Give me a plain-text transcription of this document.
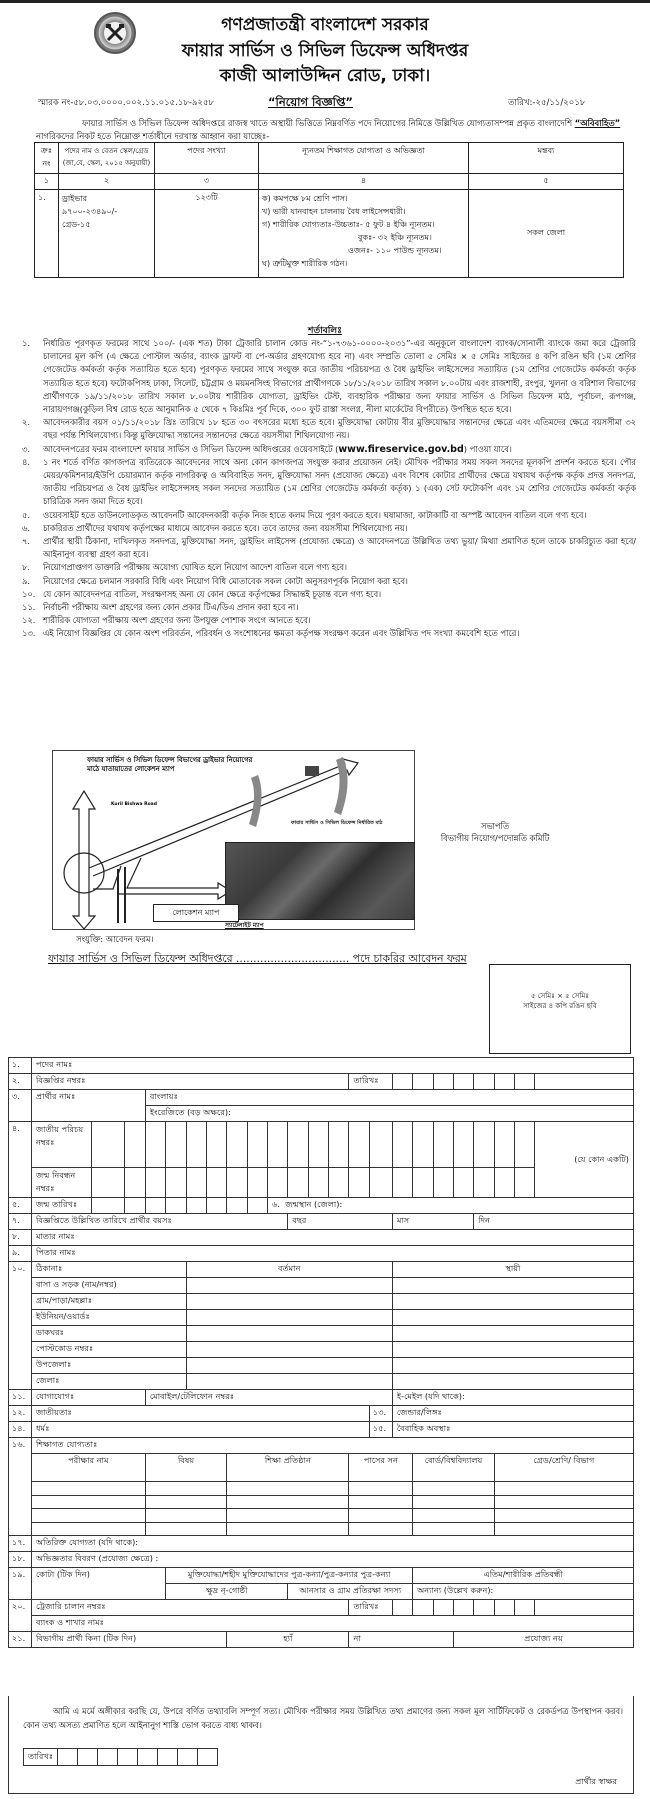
গণপ্রজাতন্ত্রী বাংলাদেশ সরকার
ফায়ার সার্ভিস ও সিভিল ডিফেন্স অধিদপ্তর
কাজী আলাউদ্দিন রোড, ঢাকা।
স্মারক নং-৫৮.০৩.০০০০.০০২.১১.০১৫.১৮-৯২৫৮	“নিয়োগ বিজ্ঞপ্তি”	তারিখ:-২৫/১১/২০১৮
ফায়ার সার্ভিস ও সিভিল ডিফেন্স অধিদপ্তরে রাজস্ব খাতে অস্থায়ী ভিত্তিতে নিম্নবর্ণিত পদে নিয়োগের নিমিত্তে উল্লিখিত যোগ্যতাসম্পন্ন প্রকৃত বাংলাদেশি “অবিবাহিত” নাগরিকদের নিকট হতে নিম্নোক্ত শর্তাধীনে দরখাস্ত আহ্বান করা যাচ্ছেঃ-
ক্রঃ নং	পদের নাম ও বেতন স্কেল/গ্রেড (জা,বে, স্কেল, ২০১৫ অনুযায়ী)	পদের সংখ্যা	ন্যূনতম শিক্ষাগত যোগ্যতা ও অভিজ্ঞতা	মন্তব্য
১	২	৩	৪	৫
১.	ড্রাইভার
৯৭০০-২৩৪৯০/-
গ্রেড-১৫
	১২৩টি	ক) কমপক্ষে ৮ম শ্রেণি পাস।
খ) ভারী যানবাহন চালনায় বৈধ লাইসেন্সধারী।
গ) শারীরিক যোগ্যতাঃ-উচ্চতাঃ- ৫ ফুট ৪ ইঞ্চি ন্যূনতম।
বুকঃ- ৩২ ইঞ্চি ন্যূনতম।
ওজনঃ- ১১০ পাউন্ড ন্যূনতম।
ঘ) ত্রুটিমুক্ত শারীরিক গঠন।
	সকল জেলা
শর্তাবলিঃ
১.	নির্ধারিত পূরণকৃত ফরমের সাথে ১০০/- (এক শত) টাকা ট্রেজারি চালান কোড নং-“১-৭৩৬১-০০০০-২০৩১”-এর অনুকূলে বাংলাদেশ ব্যাংক/সোনালী ব্যাংকে জমা করে ট্রেজারি চালানের মূল কপি (এ ক্ষেত্রে পোস্টাল অর্ডার, ব্যাংক ড্রাফট বা পে-অর্ডার গ্রহণযোগ্য হবে না) এবং সম্প্রতি তোলা ৫ সেমিঃ × ৫ সেমিঃ সাইজের ৪ কপি রঙিন ছবি (১ম শ্রেণির গেজেটেড কর্মকর্তা কর্তৃক সত্যায়িত হতে হবে) পূরণকৃত ফরমের সাথে সংযুক্ত করে জাতীয় পরিচয়পত্র ও বৈধ ড্রাইভিং লাইসেন্সের সত্যায়িত (১ম শ্রেণির গেজেটেড কর্মকর্তা কর্তৃক সত্যায়িত হতে হবে) ফটোকপিসহ ঢাকা, সিলেট, চট্টগ্রাম ও ময়মনসিংহ বিভাগের প্রার্থীগণকে ১৮/১১/২০১৮ তারিখ সকাল ৮.০০টায় এবং রাজশাহী, রংপুর, খুলনা ও বরিশাল বিভাগের প্রার্থীগণকে ১৯/১১/২০১৮ তারিখ সকাল ৮.০০টায় শারীরিক যোগ্যতা, ড্রাইভিং টেস্ট, ব্যবহারিক পরীক্ষার জন্য ফায়ার সার্ভিস ও সিভিল ডিফেন্স মাঠ, পূর্বাচল, রূপগঞ্জ, নারায়ণগঞ্জ(কুড়িল বিশ্ব রোড হতে আনুমানিক ৫ থেকে ৭ কিঃমিঃ পূর্ব দিকে, ৩০০ ফুট রাস্তা সংলগ্ন, নীলা মার্কেটের বিপরীতে) উপস্থিত হতে হবে।
২.	আবেদনকারীর বয়স ০১/১১/২০১৮ খ্রিঃ তারিখে ১৮ হতে ৩০ বৎসরের মধ্যে হতে হবে। মুক্তিযোদ্ধা কোটায় বীর মুক্তিযোদ্ধার সন্তানদের ক্ষেত্রে এবং এতিমদের ক্ষেত্রে বয়সসীমা ৩২ বছর পর্যন্ত শিথিলযোগ্য। কিন্তু মুক্তিযোদ্ধা সন্তানের সন্তানদের ক্ষেত্রে বয়সসীমা শিথিলযোগ্য নয়।
৩.	আবেদনপত্রের ফরম বাংলাদেশ ফায়ার সার্ভিস ও সিভিল ডিফেন্স অধিদপ্তরের ওয়েবসাইটে (www.fireservice.gov.bd) পাওয়া যাবে।
৪.	১ নং শর্তে বর্ণিত কাগজপত্র ব্যতিরেকে আবেদনের সাথে অন্য কোন কাগজপত্র সংযুক্ত করার প্রয়োজন নেই। মৌখিক পরীক্ষার সময় সকল সনদের মূলকপি প্রদর্শন করতে হবে। পৌর মেয়র/কমিশনার/ইউপি চেয়ারম্যান কর্তৃক নাগরিকত্ব ও অবিবাহিত সনদ, মুক্তিযোদ্ধা সনদ (প্রযোজ্য ক্ষেত্রে) এবং বিশেষ কোটার প্রার্থীদের ক্ষেত্রে যথাযথ কর্তৃপক্ষ কর্তৃক প্রদত্ত সনদপত্র, জাতীয় পরিচয়পত্র ও বৈধ ড্রাইভিং লাইসেন্সসহ সকল সনদের সত্যায়িত (১ম শ্রেণির গেজেটেড কর্মকর্তা কর্তৃক) ১ (এক) সেট ফটোকপি এবং ১ম শ্রেণির গেজেটেড কর্মকর্তা কর্তৃক চারিত্রিক সনদ জমা দিতে হবে।
৫.	ওয়েবসাইট হতে ডাউনলোডকৃত আবেদনটি আবেদনকারী কর্তৃক নিজ হাতে কলম দিয়ে পূরণ করতে হবে। ঘষামাজা, কাটাকাটি বা অস্পষ্ট আবেদন বাতিল বলে গণ্য হবে।
৬.	চাকরিরত প্রার্থীদের যথাযথ কর্তৃপক্ষের মাধ্যমে আবেদন করতে হবে। তবে তাদের জন্য বয়সসীমা শিথিলযোগ্য নয়।
৭.	প্রার্থীর স্থায়ী ঠিকানা, দাখিলকৃত সনদপত্র, মুক্তিযোদ্ধা সনদ, ড্রাইভিং লাইসেন্স (প্রযোজ্য ক্ষেত্রে) ও আবেদনপত্রে উল্লিখিত তথ্য ভুয়া/ মিথ্যা প্রমাণিত হলে তাকে চাকরিচ্যুত করা হবে/আইনানুগ ব্যবস্থা গ্রহণ করা হবে।
৮.	নিয়োগপ্রাপ্তগণ ডাক্তারি পরীক্ষায় অযোগ্য ঘোষিত হলে নিয়োগ আদেশ বাতিল বলে গণ্য হবে।
৯.	নিয়োগের ক্ষেত্রে চলমান সরকারি বিধি এবং নিয়োগ বিধি মোতাবেক সকল কোটা অনুসরণপূর্বক নিয়োগ করা হবে।
১০. যে কোন আবেদনপত্র বাতিল, সংরক্ষণসহ অন্য যে কোন ক্ষেত্রে কর্তৃপক্ষের সিদ্ধান্তই চূড়ান্ত বলে গণ্য হবে।
১১. নির্বাচনী পরীক্ষায় অংশ গ্রহণের জন্য কোন প্রকার টিএ/ডিএ প্রদান করা হবে না।
১২. শারীরিক যোগ্যতা পরীক্ষায় অংশ গ্রহণের জন্য উপযুক্ত পোশাক সংগে আনতে হবে।
১৩. এই নিয়োগ বিজ্ঞপ্তির যে কোন অংশ পরিবর্তন, পরিবর্ধন ও সংশোধনের ক্ষমতা কর্তৃপক্ষ সংরক্ষণ করেন এবং উল্লিখিত পদ সংখ্যা কমবেশি হতে পারে।
ফায়ার সার্ভিস ও সিভিল ডিফেন্স বিভাগের ড্রাইভার নিয়োগের
মাঠে যাতায়াতের লোকেশন ম্যাপ
Kuril Bishwa Road
ফায়ার সার্ভিস ও সিভিল ডিফেন্স নির্ধারিত মাঠ
স্যাটেলাইট ম্যাপ
লোকেশন ম্যাপ
সভাপতি
বিভাগীয় নিয়োগ/পদোন্নতি কমিটি
সংযুক্তি: আবেদন ফরম।
ফায়ার সার্ভিস ও সিভিল ডিফেন্স অধিদপ্তরে ................................. পদে চাকরির আবেদন ফরম
৫ সেমিঃ × ৫ সেমিঃ
সাইজের ৪ কপি রঙিন ছবি
১.	পদের নামঃ																						
২.	বিজ্ঞপ্তির নম্বরঃ													তারিখঃ									
৩.	প্রার্থীর নামঃ			বাংলায়ঃ																			
				ইংরেজিতে (বড় অক্ষরে):																			
৪.	জাতীয় পরিচয় নম্বরঃ																						(যে কোন একটি)
	জন্ম নিবন্ধন নম্বরঃ																						
৫.	জন্ম তারিখঃ									৬. জন্মস্থান (জেলা):													
৭.	বিজ্ঞপ্তিতে উল্লিখিত তারিখে প্রার্থীর বয়সঃ										বছর					মাস				দিন			
৮.	মাতার নামঃ																						
৯.	পিতার নামঃ																						
১০.	ঠিকানাঃ					বর্তমান										স্থায়ী							
	বাসা ও সড়ক (নাম/নম্বর)																						
	গ্রাম/পাড়া/মহল্লাঃ																						
	ইউনিয়ন/ওয়ার্ডঃ																						
	ডাকঘরঃ																						
	পোস্টকোড নম্বরঃ																						
	উপজেলাঃ																						
	জেলাঃ																						
১১.	যোগাযোগঃ			মোবাইল/টেলিফোন নম্বরঃ												ই-মেইল (যদি থাকে):							
১২.	জাতীয়তাঃ														১৩.	জেন্ডার/লিঙ্গঃ							
১৪.	ধর্মঃ														১৫.	বৈবাহিক অবস্থাঃ							
১৬.	শিক্ষাগত যোগ্যতাঃ																						
	পরীক্ষার নাম			বিষয়				শিক্ষা প্রতিষ্ঠান						পাসের সন			বোর্ড/বিশ্ববিদ্যালয়				গ্রেড/শ্রেণি/ বিভাগ		

১৭.	অতিরিক্ত যোগ্যতা (যদি থাকে):																						
১৮.	অভিজ্ঞতার বিবরণ (প্রযোজ্য ক্ষেত্রে) :																						
১৯.	কোটা (টিক দিন)				মুক্তিযোদ্ধা/শহীদ মুক্তিযোদ্ধাদের পুত্র-কন্যা/পুত্র-কন্যার পুত্র-কন্যা												এতিম/শারীরিক প্রতিবন্ধী						
					ক্ষুদ্র নৃ-গোষ্ঠী						আনসার ও গ্রাম প্রতিরক্ষা সদস্য						অন্যান্য (উল্লেখ করুন):						
২০.	ট্রেজারি চালান নম্বরঃ													তারিখঃ									
	ব্যাংক ও শাখার নামঃ																						
২১.	বিভাগীয় প্রার্থী কিনা (টিক দিন)							হ্যাঁ						না					প্রযোজ্য নয়				
আমি এ মর্মে অঙ্গীকার করছি যে, উপরে বর্ণিত তথ্যাবলি সম্পূর্ণ সত্য। মৌখিক পরীক্ষার সময় উল্লিখিত তথ্য প্রমাণের জন্য সকল মূল সার্টিফিকেট ও রেকর্ডপত্র উপস্থাপন করব। কোন তথ্য অসত্য প্রমাণিত হলে আইনানুগ শাস্তি ভোগ করতে বাধ্য থাকব।
তারিখঃ								
প্রার্থীর স্বাক্ষর
